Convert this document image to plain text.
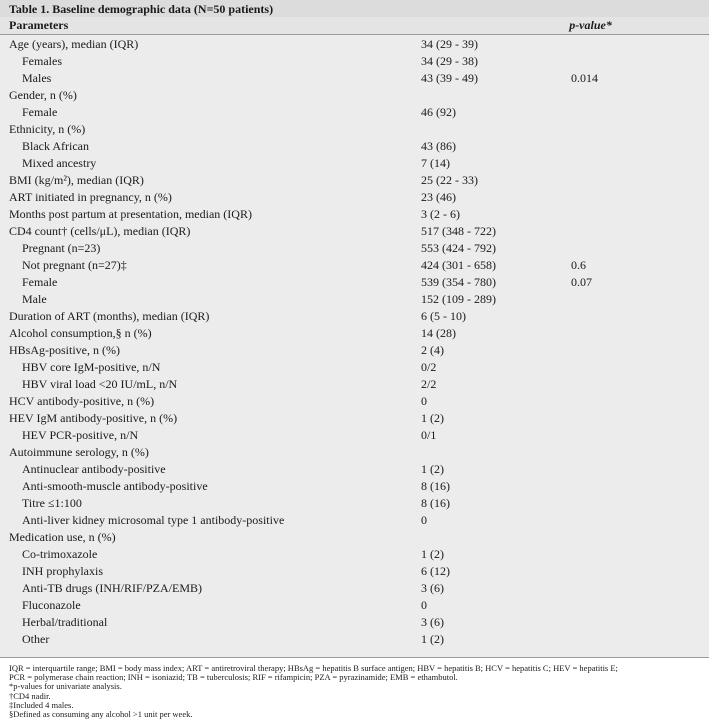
Table 1. Baseline demographic data (N=50 patients)
Parameters	p-value*
Age (years), median (IQR)	34 (29 - 39)
Females	34 (29 - 38)
Males	43 (39 - 49)	0.014
Gender, n (%)
Female	46 (92)
Ethnicity, n (%)
Black African	43 (86)
Mixed ancestry	7 (14)
BMI (kg/m²), median (IQR)	25 (22 - 33)
ART initiated in pregnancy, n (%)	23 (46)
Months post partum at presentation, median (IQR)	3 (2 - 6)
CD4 count† (cells/μL), median (IQR)	517 (348 - 722)
Pregnant (n=23)	553 (424 - 792)
Not pregnant (n=27)‡	424 (301 - 658)	0.6
Female	539 (354 - 780)	0.07
Male	152 (109 - 289)
Duration of ART (months), median (IQR)	6 (5 - 10)
Alcohol consumption,§ n (%)	14 (28)
HBsAg-positive, n (%)	2 (4)
HBV core IgM-positive, n/N	0/2
HBV viral load <20 IU/mL, n/N	2/2
HCV antibody-positive, n (%)	0
HEV IgM antibody-positive, n (%)	1 (2)
HEV PCR-positive, n/N	0/1
Autoimmune serology, n (%)
Antinuclear antibody-positive	1 (2)
Anti-smooth-muscle antibody-positive	8 (16)
Titre ≤1:100	8 (16)
Anti-liver kidney microsomal type 1 antibody-positive	0
Medication use, n (%)
Co-trimoxazole	1 (2)
INH prophylaxis	6 (12)
Anti-TB drugs (INH/RIF/PZA/EMB)	3 (6)
Fluconazole	0
Herbal/traditional	3 (6)
Other	1 (2)
IQR = interquartile range; BMI = body mass index; ART = antiretroviral therapy; HBsAg = hepatitis B surface antigen; HBV = hepatitis B; HCV = hepatitis C; HEV = hepatitis E;
PCR = polymerase chain reaction; INH = isoniazid; TB = tuberculosis; RIF = rifampicin; PZA = pyrazinamide; EMB = ethambutol.
*p-values for univariate analysis.
†CD4 nadir.
‡Included 4 males.
§Defined as consuming any alcohol >1 unit per week.
